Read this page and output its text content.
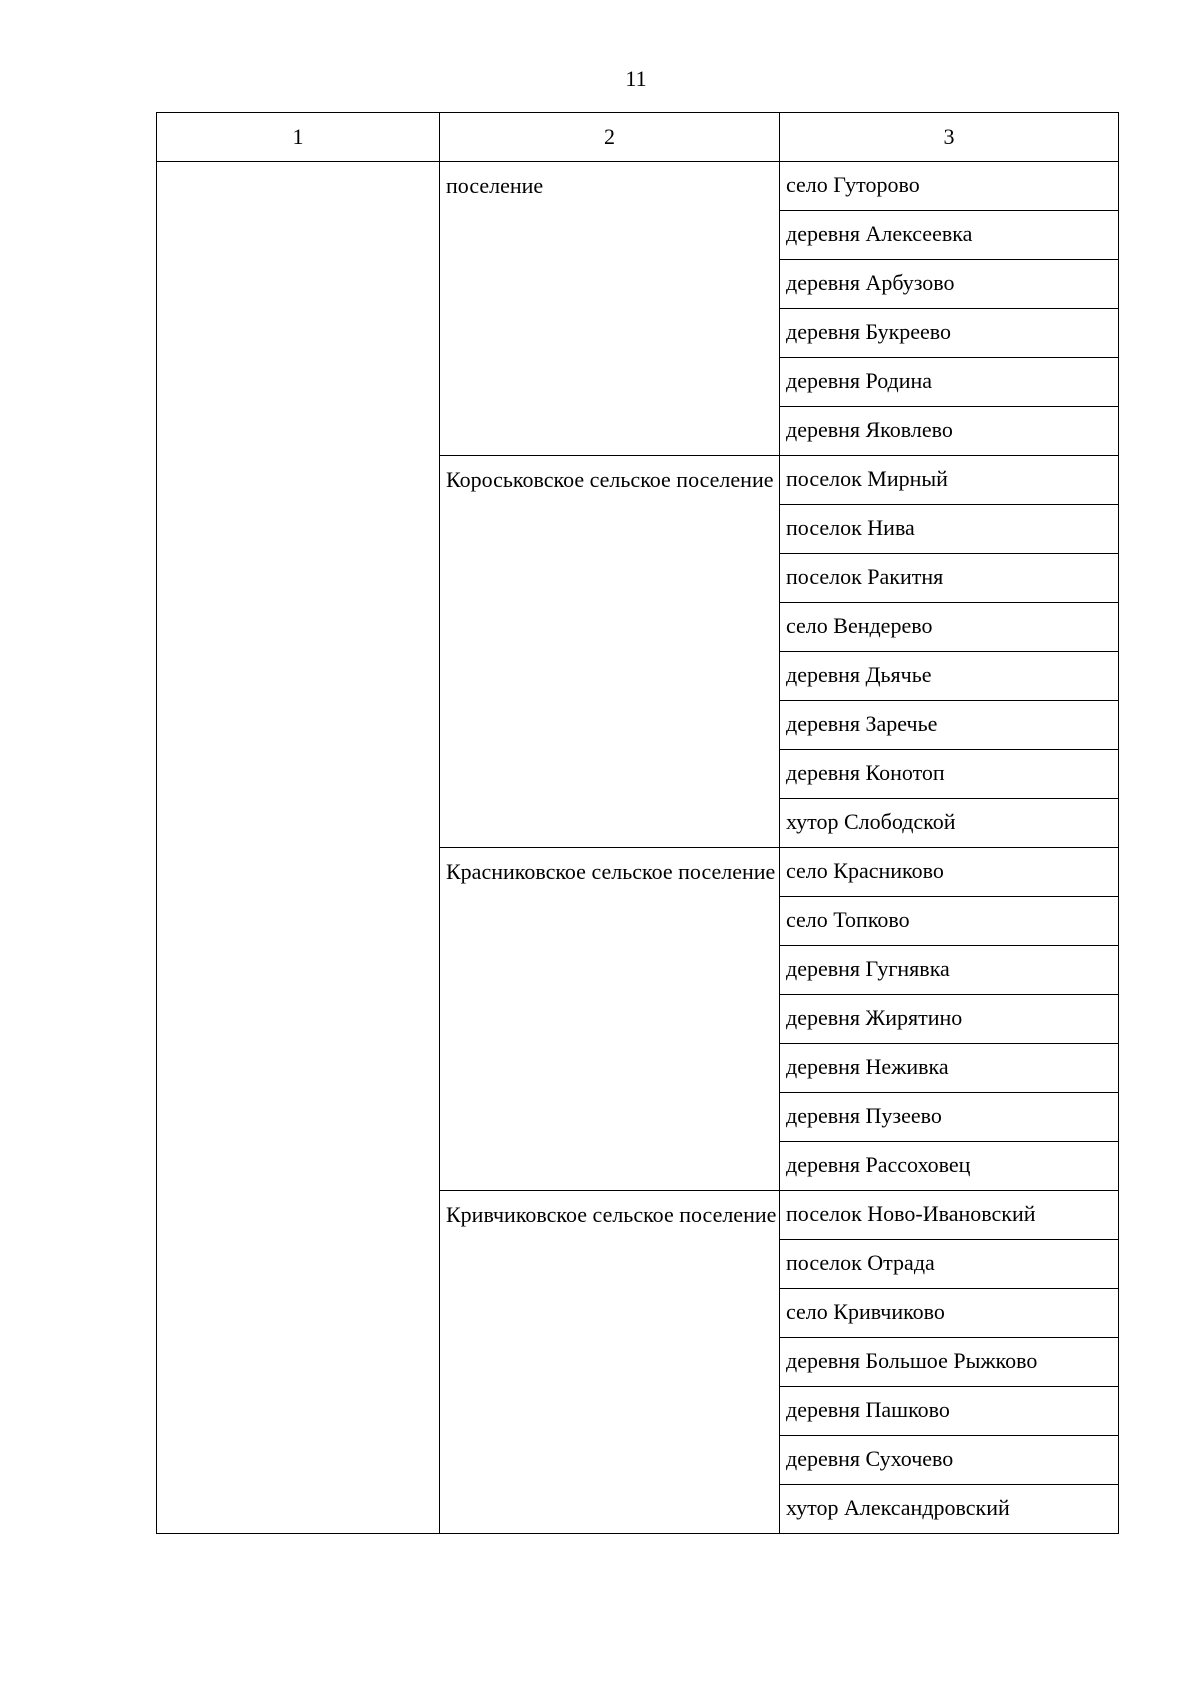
11
1	2	3

	поселение	село Гуторово

		деревня Алексеевка

		деревня Арбузово

		деревня Букреево

		деревня Родина

		деревня Яковлево

	Короськовское сельское поселение	поселок Мирный

		поселок Нива

		поселок Ракитня

		село Вендерево

		деревня Дьячье

		деревня Заречье

		деревня Конотоп

		хутор Слободской

	Красниковское сельское поселение	село Красниково

		село Топково

		деревня Гугнявка

		деревня Жирятино

		деревня Неживка

		деревня Пузеево

		деревня Рассоховец

	Кривчиковское сельское поселение	поселок Ново-Ивановский

		поселок Отрада

		село Кривчиково

		деревня Большое Рыжково

		деревня Пашково

		деревня Сухочево

		хутор Александровский
